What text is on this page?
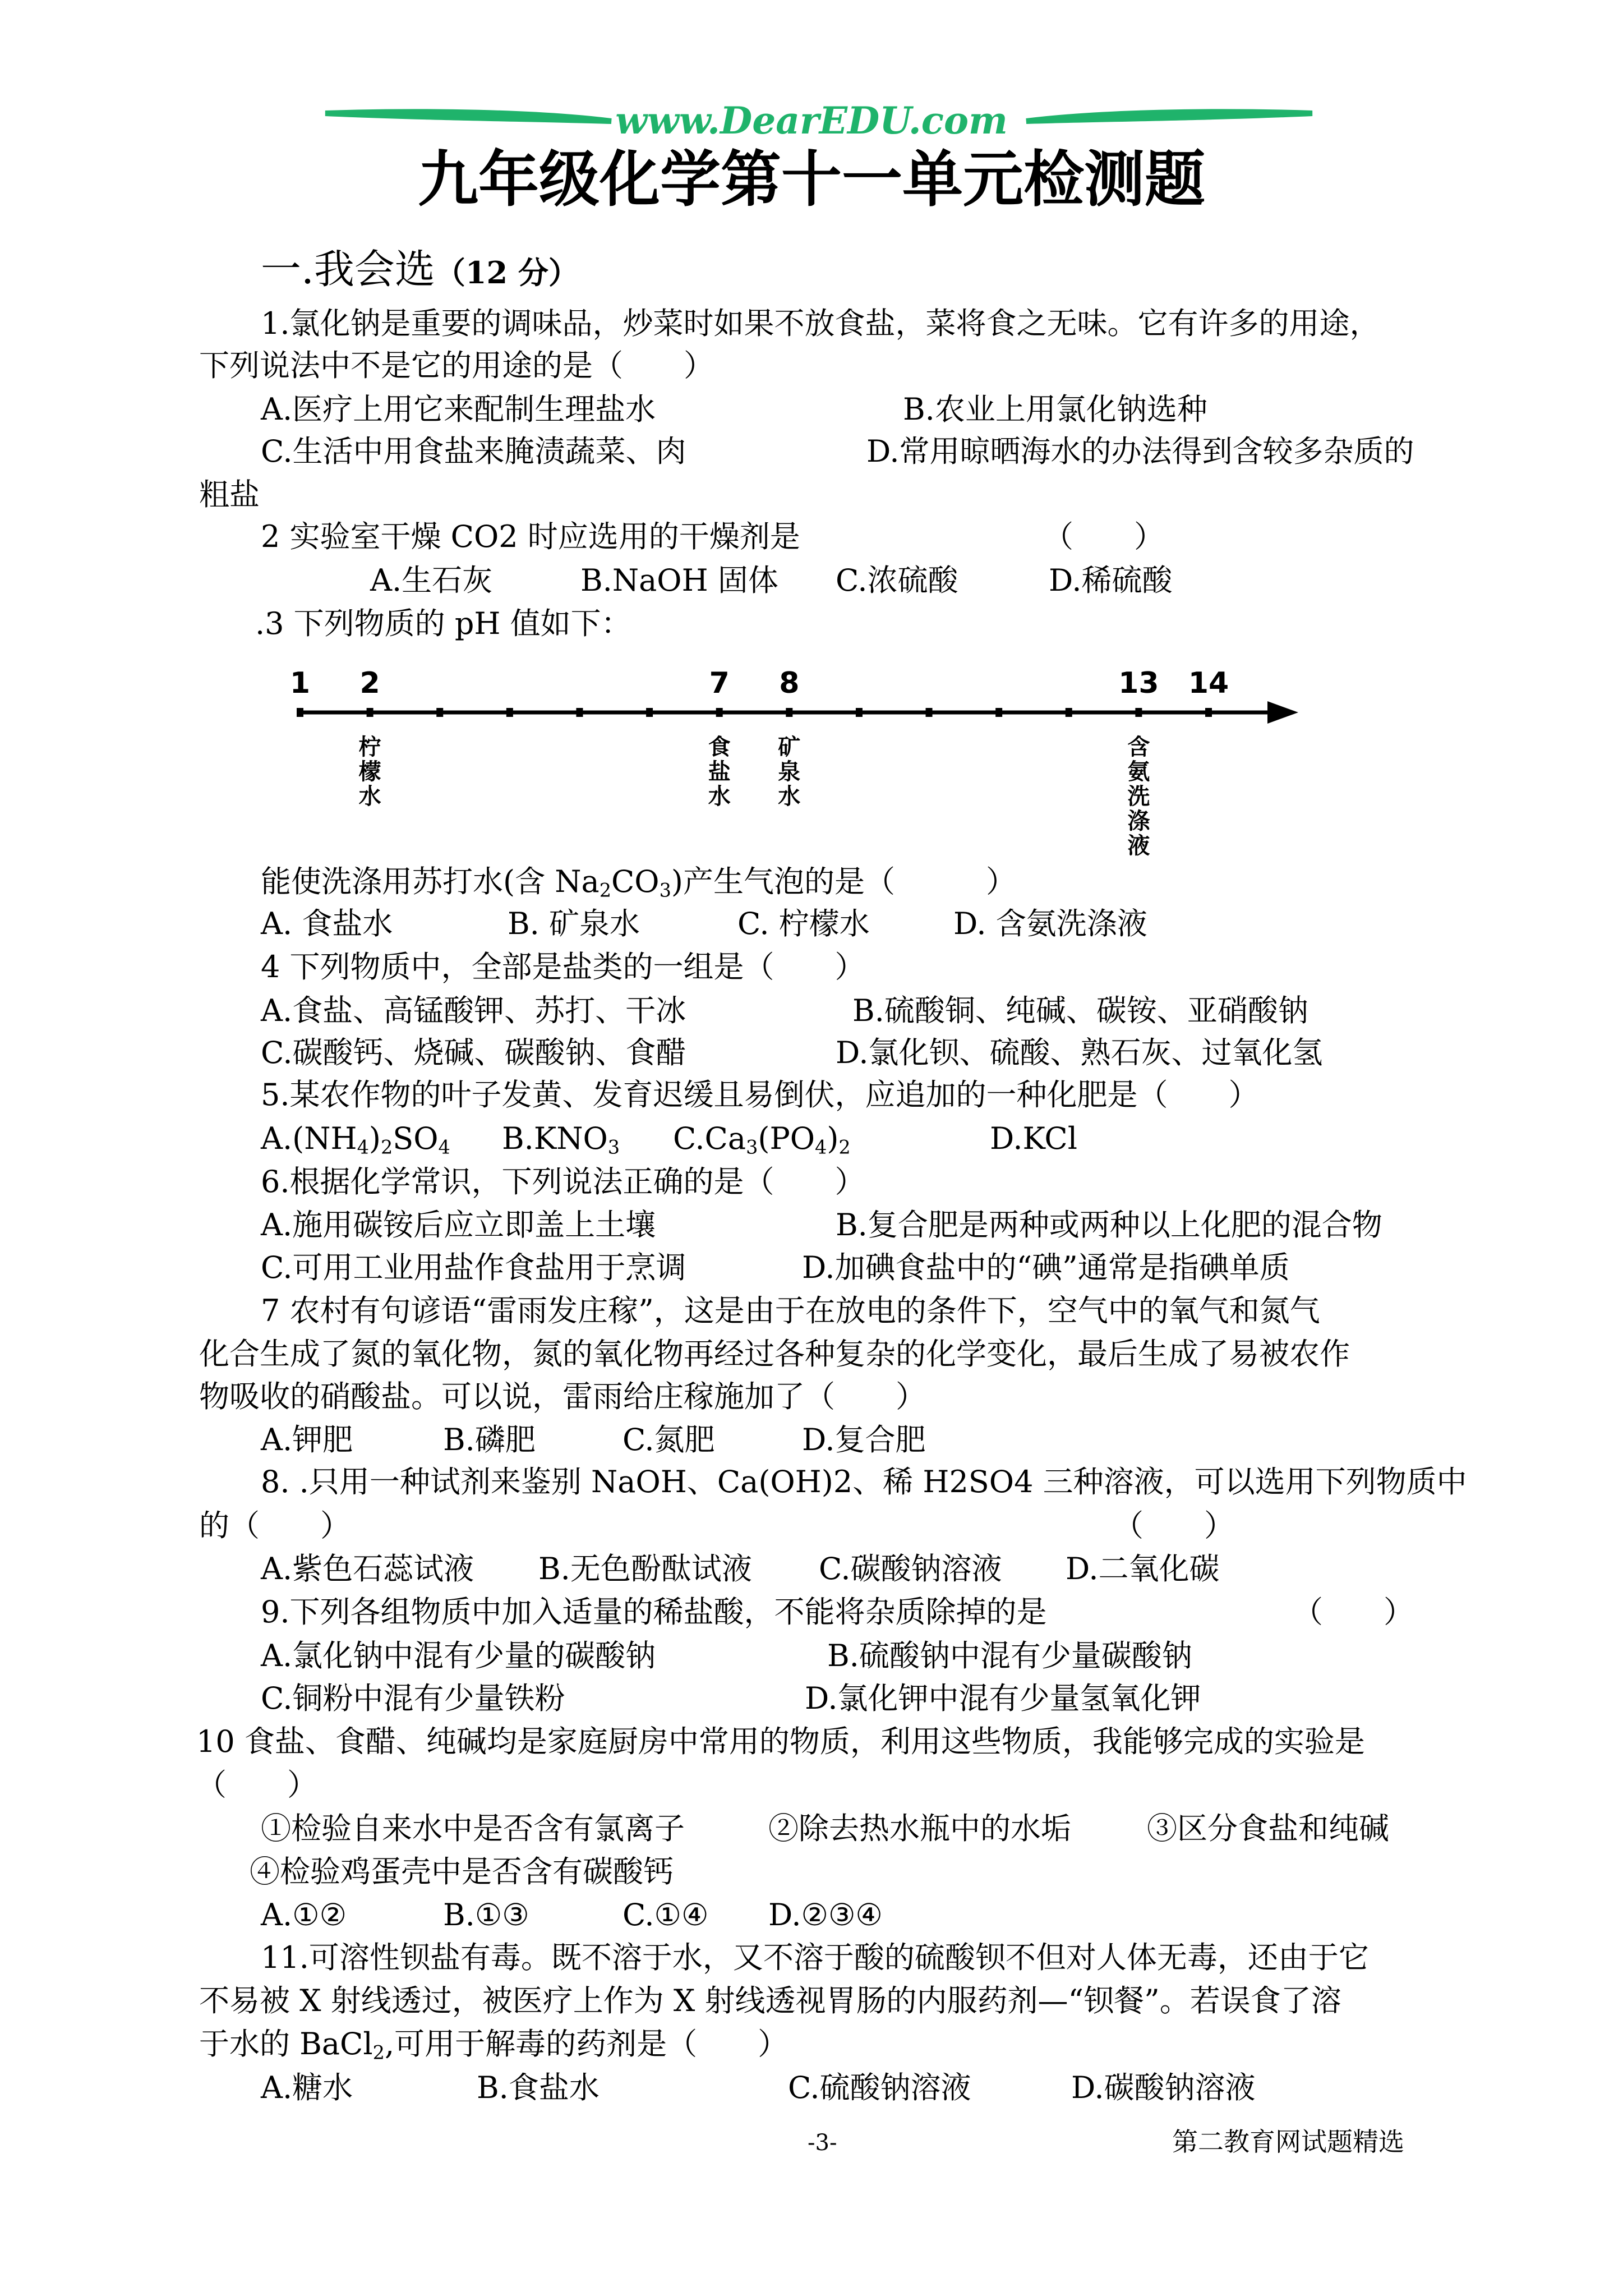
www.DearEDU.com
九年级化学第十一单元检测题
一.我会选（12 分）
1.氯化钠是重要的调味品，炒菜时如果不放食盐，菜将食之无味。它有许多的用途，
下列说法中不是它的用途的是（　　）
A.医疗上用它来配制生理盐水	B.农业上用氯化钠选种
C.生活中用食盐来腌渍蔬菜、肉	D.常用晾晒海水的办法得到含较多杂质的
粗盐
2 实验室干燥 CO2 时应选用的干燥剂是	（　　）
A.生石灰	B.NaOH 固体 C.浓硫酸	D.稀硫酸
.3 下列物质的 pH 值如下：
能使洗涤用苏打水(含 $Na_2CO_3$)产生气泡的是（　　　）
A. 食盐水	B. 矿泉水	C. 柠檬水	D. 含氨洗涤液
4 下列物质中，全部是盐类的一组是（　　）
A.食盐、高锰酸钾、苏打、干冰	B.硫酸铜、纯碱、碳铵、亚硝酸钠
C.碳酸钙、烧碱、碳酸钠、食醋	D.氯化钡、硫酸、熟石灰、过氧化氢
5.某农作物的叶子发黄、发育迟缓且易倒伏，应追加的一种化肥是（　　）
$A.(NH_4)_2SO_4$ $B.KNO_3$ $C.Ca_3(PO_4)_2$	D.KCl
6.根据化学常识，下列说法正确的是（　　）
A.施用碳铵后应立即盖上土壤	B.复合肥是两种或两种以上化肥的混合物
C.可用工业用盐作食盐用于烹调	D.加碘食盐中的“碘”通常是指碘单质
7 农村有句谚语“雷雨发庄稼”，这是由于在放电的条件下，空气中的氧气和氮气
化合生成了氮的氧化物，氮的氧化物再经过各种复杂的化学变化，最后生成了易被农作
物吸收的硝酸盐。可以说，雷雨给庄稼施加了（　　）
A.钾肥	B.磷肥	C.氮肥	D.复合肥
8. .只用一种试剂来鉴别 NaOH、Ca(OH)2、稀 H2SO4 三种溶液，可以选用下列物质中
的（　　）	（　　）
A.紫色石蕊试液 B.无色酚酞试液 C.碳酸钠溶液 D.二氧化碳
9.下列各组物质中加入适量的稀盐酸，不能将杂质除掉的是	（　　）
A.氯化钠中混有少量的碳酸钠	B.硫酸钠中混有少量碳酸钠
C.铜粉中混有少量铁粉	D.氯化钾中混有少量氢氧化钾
10 食盐、食醋、纯碱均是家庭厨房中常用的物质，利用这些物质，我能够完成的实验是
（　　）
①检验自来水中是否含有氯离子	②除去热水瓶中的水垢	③区分食盐和纯碱
④检验鸡蛋壳中是否含有碳酸钙
A.①②	B.①③	C.①④ D.②③④
11.可溶性钡盐有毒。既不溶于水，又不溶于酸的硫酸钡不但对人体无毒，还由于它
不易被 X 射线透过，被医疗上作为 X 射线透视胃肠的内服药剂—“钡餐”。若误食了溶
于水的 BaCl$_2$,可用于解毒的药剂是（　　）
A.糖水	B.食盐水	C.硫酸钠溶液	D.碳酸钠溶液
1 2	7 8	13 14
柠
檬
水
食
盐
水
矿
泉
水
含
氨
洗
涤
液
-3-	第二教育网试题精选
